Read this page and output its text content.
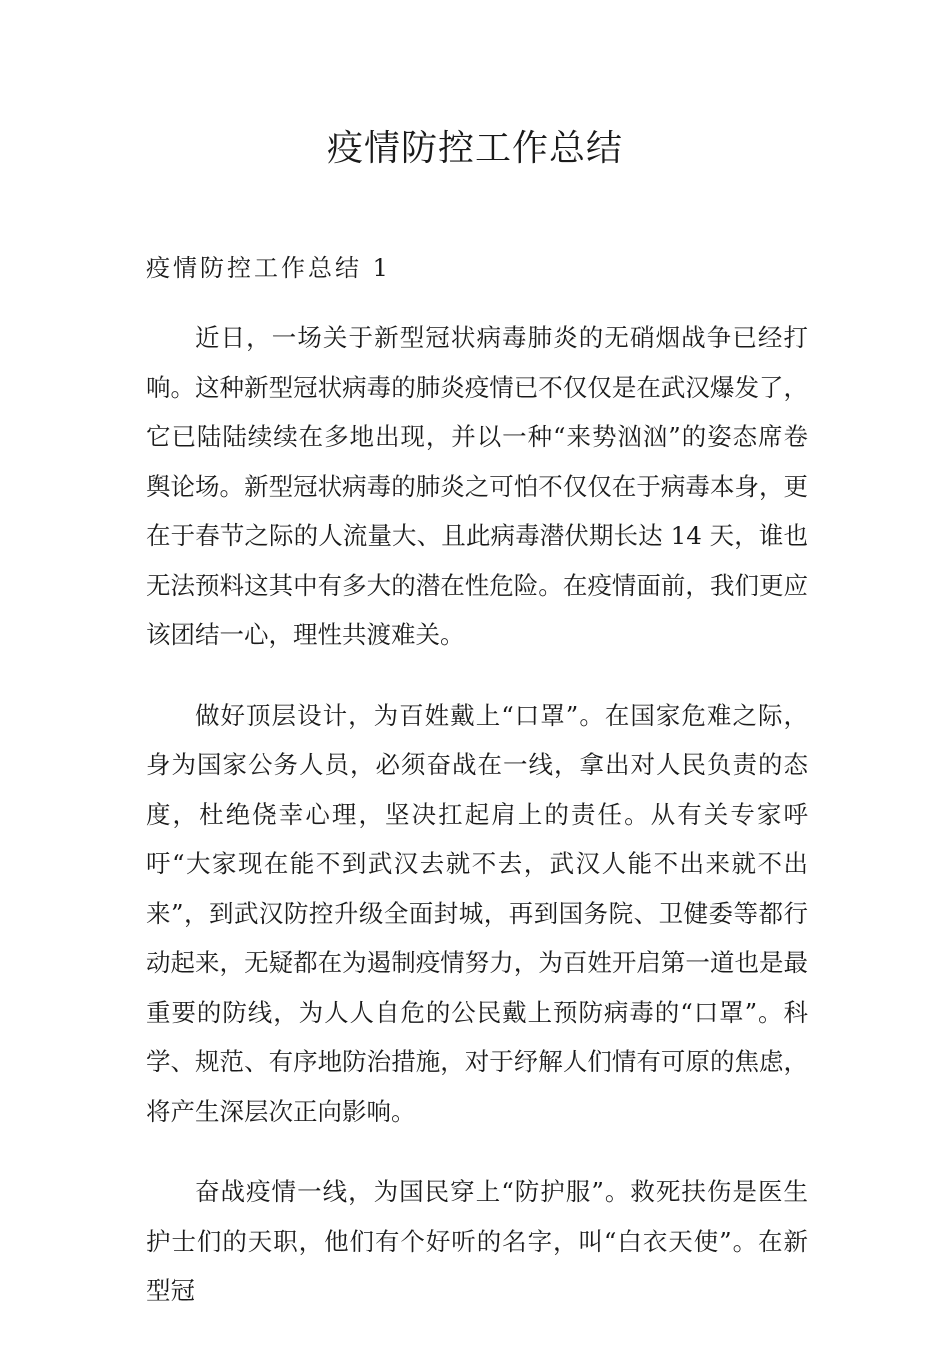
疫情防控工作总结
疫情防控工作总结 1

近日，一场关于新型冠状病毒肺炎的无硝烟战争已经打响。这种新型冠状病毒的肺炎疫情已不仅仅是在武汉爆发了，它已陆陆续续在多地出现，并以一种“来势汹汹”的姿态席卷舆论场。新型冠状病毒的肺炎之可怕不仅仅在于病毒本身，更在于春节之际的人流量大、且此病毒潜伏期长达 14 天，谁也无法预料这其中有多大的潜在性危险。在疫情面前，我们更应该团结一心，理性共渡难关。

做好顶层设计，为百姓戴上“口罩”。在国家危难之际，身为国家公务人员，必须奋战在一线，拿出对人民负责的态度，杜绝侥幸心理，坚决扛起肩上的责任。从有关专家呼吁“大家现在能不到武汉去就不去，武汉人能不出来就不出来”，到武汉防控升级全面封城，再到国务院、卫健委等都行动起来，无疑都在为遏制疫情努力，为百姓开启第一道也是最重要的防线，为人人自危的公民戴上预防病毒的“口罩”。科学、规范、有序地防治措施，对于纾解人们情有可原的焦虑，将产生深层次正向影响。

奋战疫情一线，为国民穿上“防护服”。救死扶伤是医生护士们的天职，他们有个好听的名字，叫“白衣天使”。在新型冠
